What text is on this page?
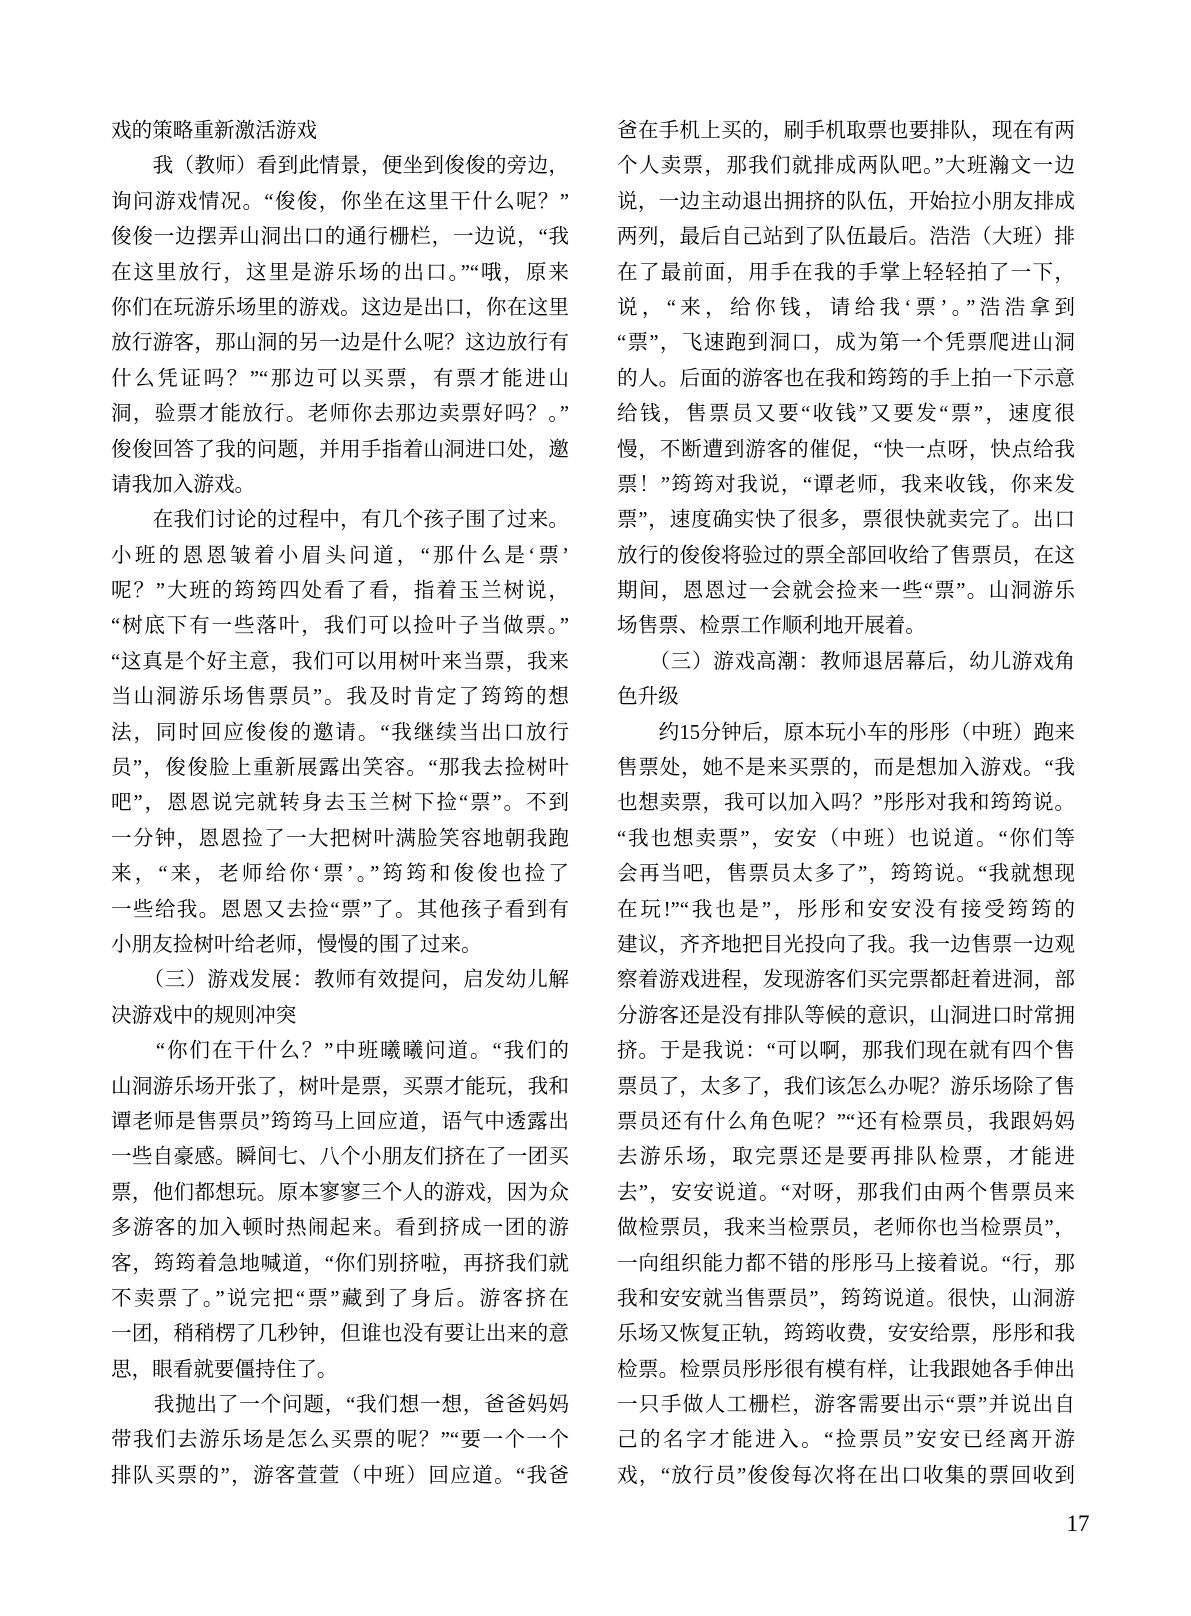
戏的策略重新激活游戏
　　我（教师）看到此情景，便坐到俊俊的旁边，
询问游戏情况。“俊俊，你坐在这里干什么呢？”
俊俊一边摆弄山洞出口的通行栅栏，一边说，“我
在这里放行，这里是游乐场的出口。”“哦，原来
你们在玩游乐场里的游戏。这边是出口，你在这里
放行游客，那山洞的另一边是什么呢？这边放行有
什么凭证吗？”“那边可以买票，有票才能进山
洞，验票才能放行。老师你去那边卖票好吗？。”
俊俊回答了我的问题，并用手指着山洞进口处，邀
请我加入游戏。
　　在我们讨论的过程中，有几个孩子围了过来。
小班的恩恩皱着小眉头问道，“那什么是‘票’
呢？”大班的筠筠四处看了看，指着玉兰树说，
“树底下有一些落叶，我们可以捡叶子当做票。”
“这真是个好主意，我们可以用树叶来当票，我来
当山洞游乐场售票员”。我及时肯定了筠筠的想
法，同时回应俊俊的邀请。“我继续当出口放行
员”，俊俊脸上重新展露出笑容。“那我去捡树叶
吧”，恩恩说完就转身去玉兰树下捡“票”。不到
一分钟，恩恩捡了一大把树叶满脸笑容地朝我跑
来，“来，老师给你‘票’。”筠筠和俊俊也捡了
一些给我。恩恩又去捡“票”了。其他孩子看到有
小朋友捡树叶给老师，慢慢的围了过来。
　　（三）游戏发展：教师有效提问，启发幼儿解
决游戏中的规则冲突
　　“你们在干什么？”中班曦曦问道。“我们的
山洞游乐场开张了，树叶是票，买票才能玩，我和
谭老师是售票员”筠筠马上回应道，语气中透露出
一些自豪感。瞬间七、八个小朋友们挤在了一团买
票，他们都想玩。原本寥寥三个人的游戏，因为众
多游客的加入顿时热闹起来。看到挤成一团的游
客，筠筠着急地喊道，“你们别挤啦，再挤我们就
不卖票了。”说完把“票”藏到了身后。游客挤在
一团，稍稍楞了几秒钟，但谁也没有要让出来的意
思，眼看就要僵持住了。
　　我抛出了一个问题，“我们想一想，爸爸妈妈
带我们去游乐场是怎么买票的呢？”“要一个一个
排队买票的”，游客萱萱（中班）回应道。“我爸
爸在手机上买的，刷手机取票也要排队，现在有两
个人卖票，那我们就排成两队吧。”大班瀚文一边
说，一边主动退出拥挤的队伍，开始拉小朋友排成
两列，最后自己站到了队伍最后。浩浩（大班）排
在了最前面，用手在我的手掌上轻轻拍了一下，
说，“来，给你钱，请给我‘票’。”浩浩拿到
“票”，飞速跑到洞口，成为第一个凭票爬进山洞
的人。后面的游客也在我和筠筠的手上拍一下示意
给钱，售票员又要“收钱”又要发“票”，速度很
慢，不断遭到游客的催促，“快一点呀，快点给我
票！”筠筠对我说，“谭老师，我来收钱，你来发
票”，速度确实快了很多，票很快就卖完了。出口
放行的俊俊将验过的票全部回收给了售票员，在这
期间，恩恩过一会就会捡来一些“票”。山洞游乐
场售票、检票工作顺利地开展着。
　　（三）游戏高潮：教师退居幕后，幼儿游戏角
色升级
　　约15分钟后，原本玩小车的彤彤（中班）跑来
售票处，她不是来买票的，而是想加入游戏。“我
也想卖票，我可以加入吗？”彤彤对我和筠筠说。
“我也想卖票”，安安（中班）也说道。“你们等
会再当吧，售票员太多了”，筠筠说。“我就想现
在玩!”“我也是”，彤彤和安安没有接受筠筠的
建议，齐齐地把目光投向了我。我一边售票一边观
察着游戏进程，发现游客们买完票都赶着进洞，部
分游客还是没有排队等候的意识，山洞进口时常拥
挤。于是我说：“可以啊，那我们现在就有四个售
票员了，太多了，我们该怎么办呢？游乐场除了售
票员还有什么角色呢？”“还有检票员，我跟妈妈
去游乐场，取完票还是要再排队检票，才能进
去”，安安说道。“对呀，那我们由两个售票员来
做检票员，我来当检票员，老师你也当检票员”，
一向组织能力都不错的彤彤马上接着说。“行，那
我和安安就当售票员”，筠筠说道。很快，山洞游
乐场又恢复正轨，筠筠收费，安安给票，彤彤和我
检票。检票员彤彤很有模有样，让我跟她各手伸出
一只手做人工栅栏，游客需要出示“票”并说出自
己的名字才能进入。“捡票员”安安已经离开游
戏，“放行员”俊俊每次将在出口收集的票回收到
17
